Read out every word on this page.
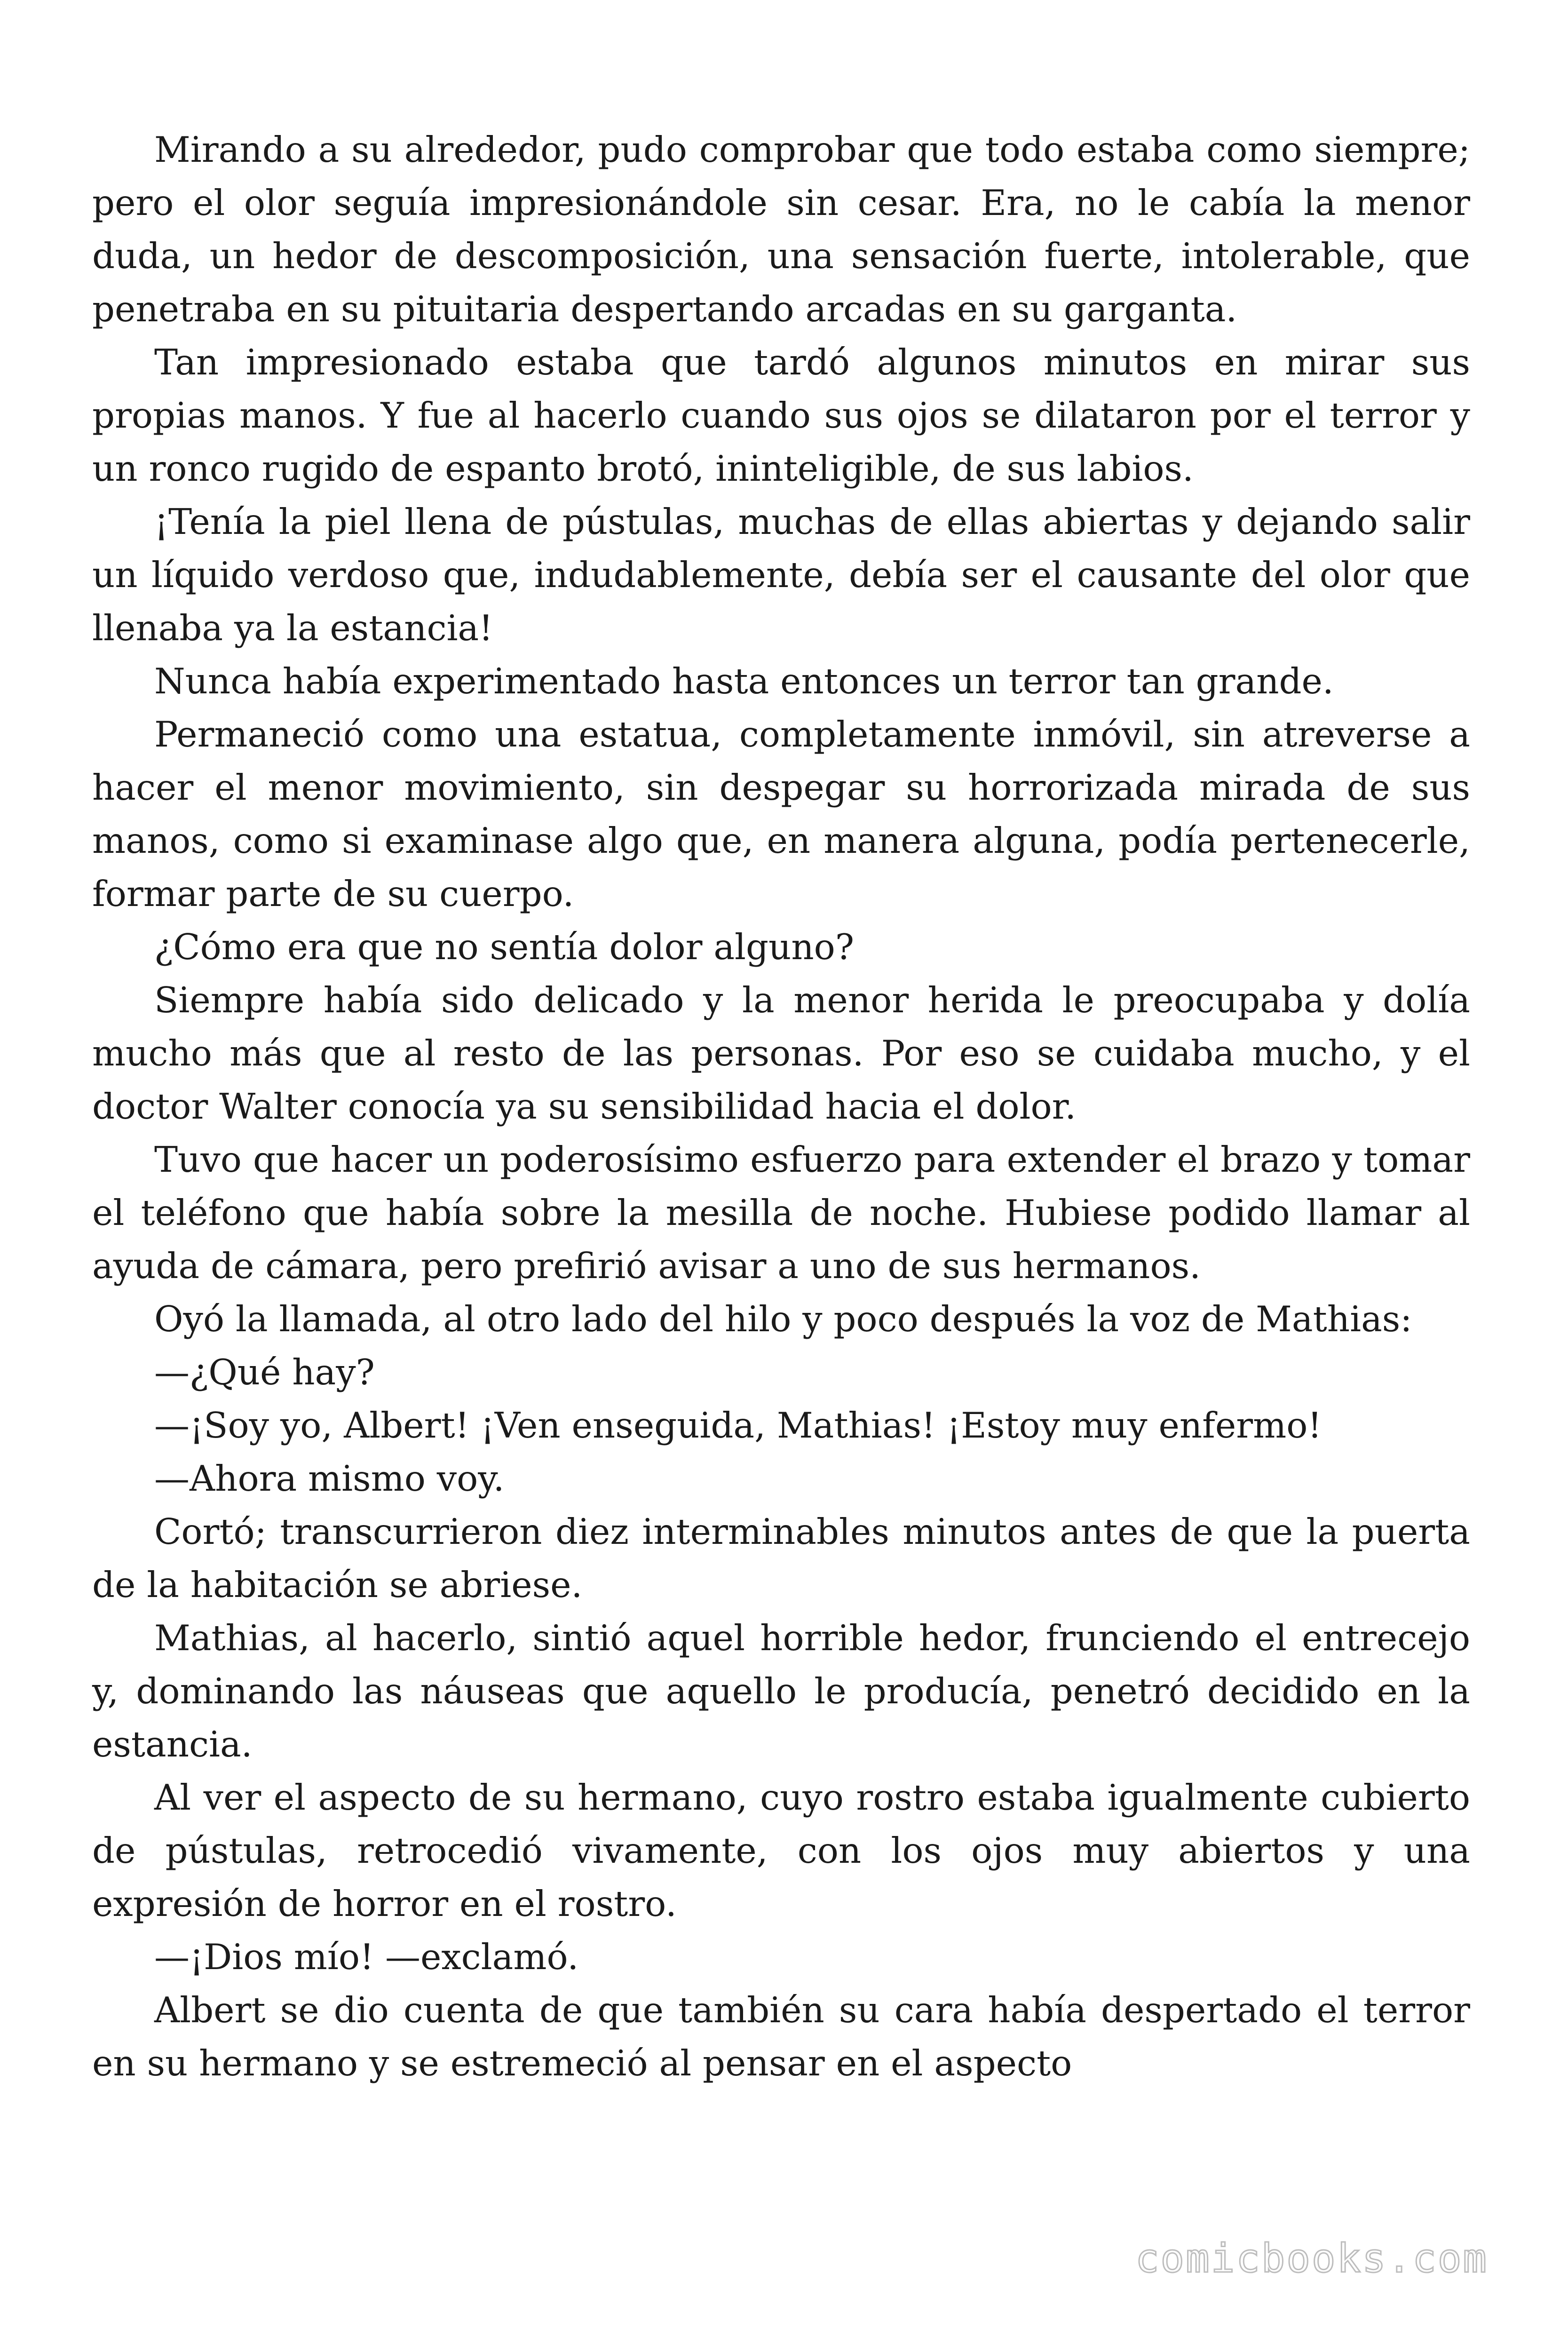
Mirando a su alrededor, pudo comprobar que todo estaba como siempre; pero el olor seguía impresionándole sin cesar. Era, no le cabía la menor duda, un hedor de descomposición, una sensación fuerte, intolerable, que penetraba en su pituitaria despertando arcadas en su garganta.

Tan impresionado estaba que tardó algunos minutos en mirar sus propias manos. Y fue al hacerlo cuando sus ojos se dilataron por el terror y un ronco rugido de espanto brotó, ininteligible, de sus labios.

¡Tenía la piel llena de pústulas, muchas de ellas abiertas y dejando salir un líquido verdoso que, indudablemente, debía ser el causante del olor que llenaba ya la estancia!

Nunca había experimentado hasta entonces un terror tan grande.

Permaneció como una estatua, completamente inmóvil, sin atreverse a hacer el menor movimiento, sin despegar su horrorizada mirada de sus manos, como si examinase algo que, en manera alguna, podía pertenecerle, formar parte de su cuerpo.

¿Cómo era que no sentía dolor alguno?

Siempre había sido delicado y la menor herida le preocupaba y dolía mucho más que al resto de las personas. Por eso se cuidaba mucho, y el doctor Walter conocía ya su sensibilidad hacia el dolor.

Tuvo que hacer un poderosísimo esfuerzo para extender el brazo y tomar el teléfono que había sobre la mesilla de noche. Hubiese podido llamar al ayuda de cámara, pero prefirió avisar a uno de sus hermanos.

Oyó la llamada, al otro lado del hilo y poco después la voz de Mathias:

—¿Qué hay?

—¡Soy yo, Albert! ¡Ven enseguida, Mathias! ¡Estoy muy enfermo!

—Ahora mismo voy.

Cortó; transcurrieron diez interminables minutos antes de que la puerta de la habitación se abriese.

Mathias, al hacerlo, sintió aquel horrible hedor, frunciendo el entrecejo y, dominando las náuseas que aquello le producía, penetró decidido en la estancia.

Al ver el aspecto de su hermano, cuyo rostro estaba igualmente cubierto de pústulas, retrocedió vivamente, con los ojos muy abiertos y una expresión de horror en el rostro.

—¡Dios mío! —exclamó.

Albert se dio cuenta de que también su cara había despertado el terror en su hermano y se estremeció al pensar en el aspecto

comicbooks.com
